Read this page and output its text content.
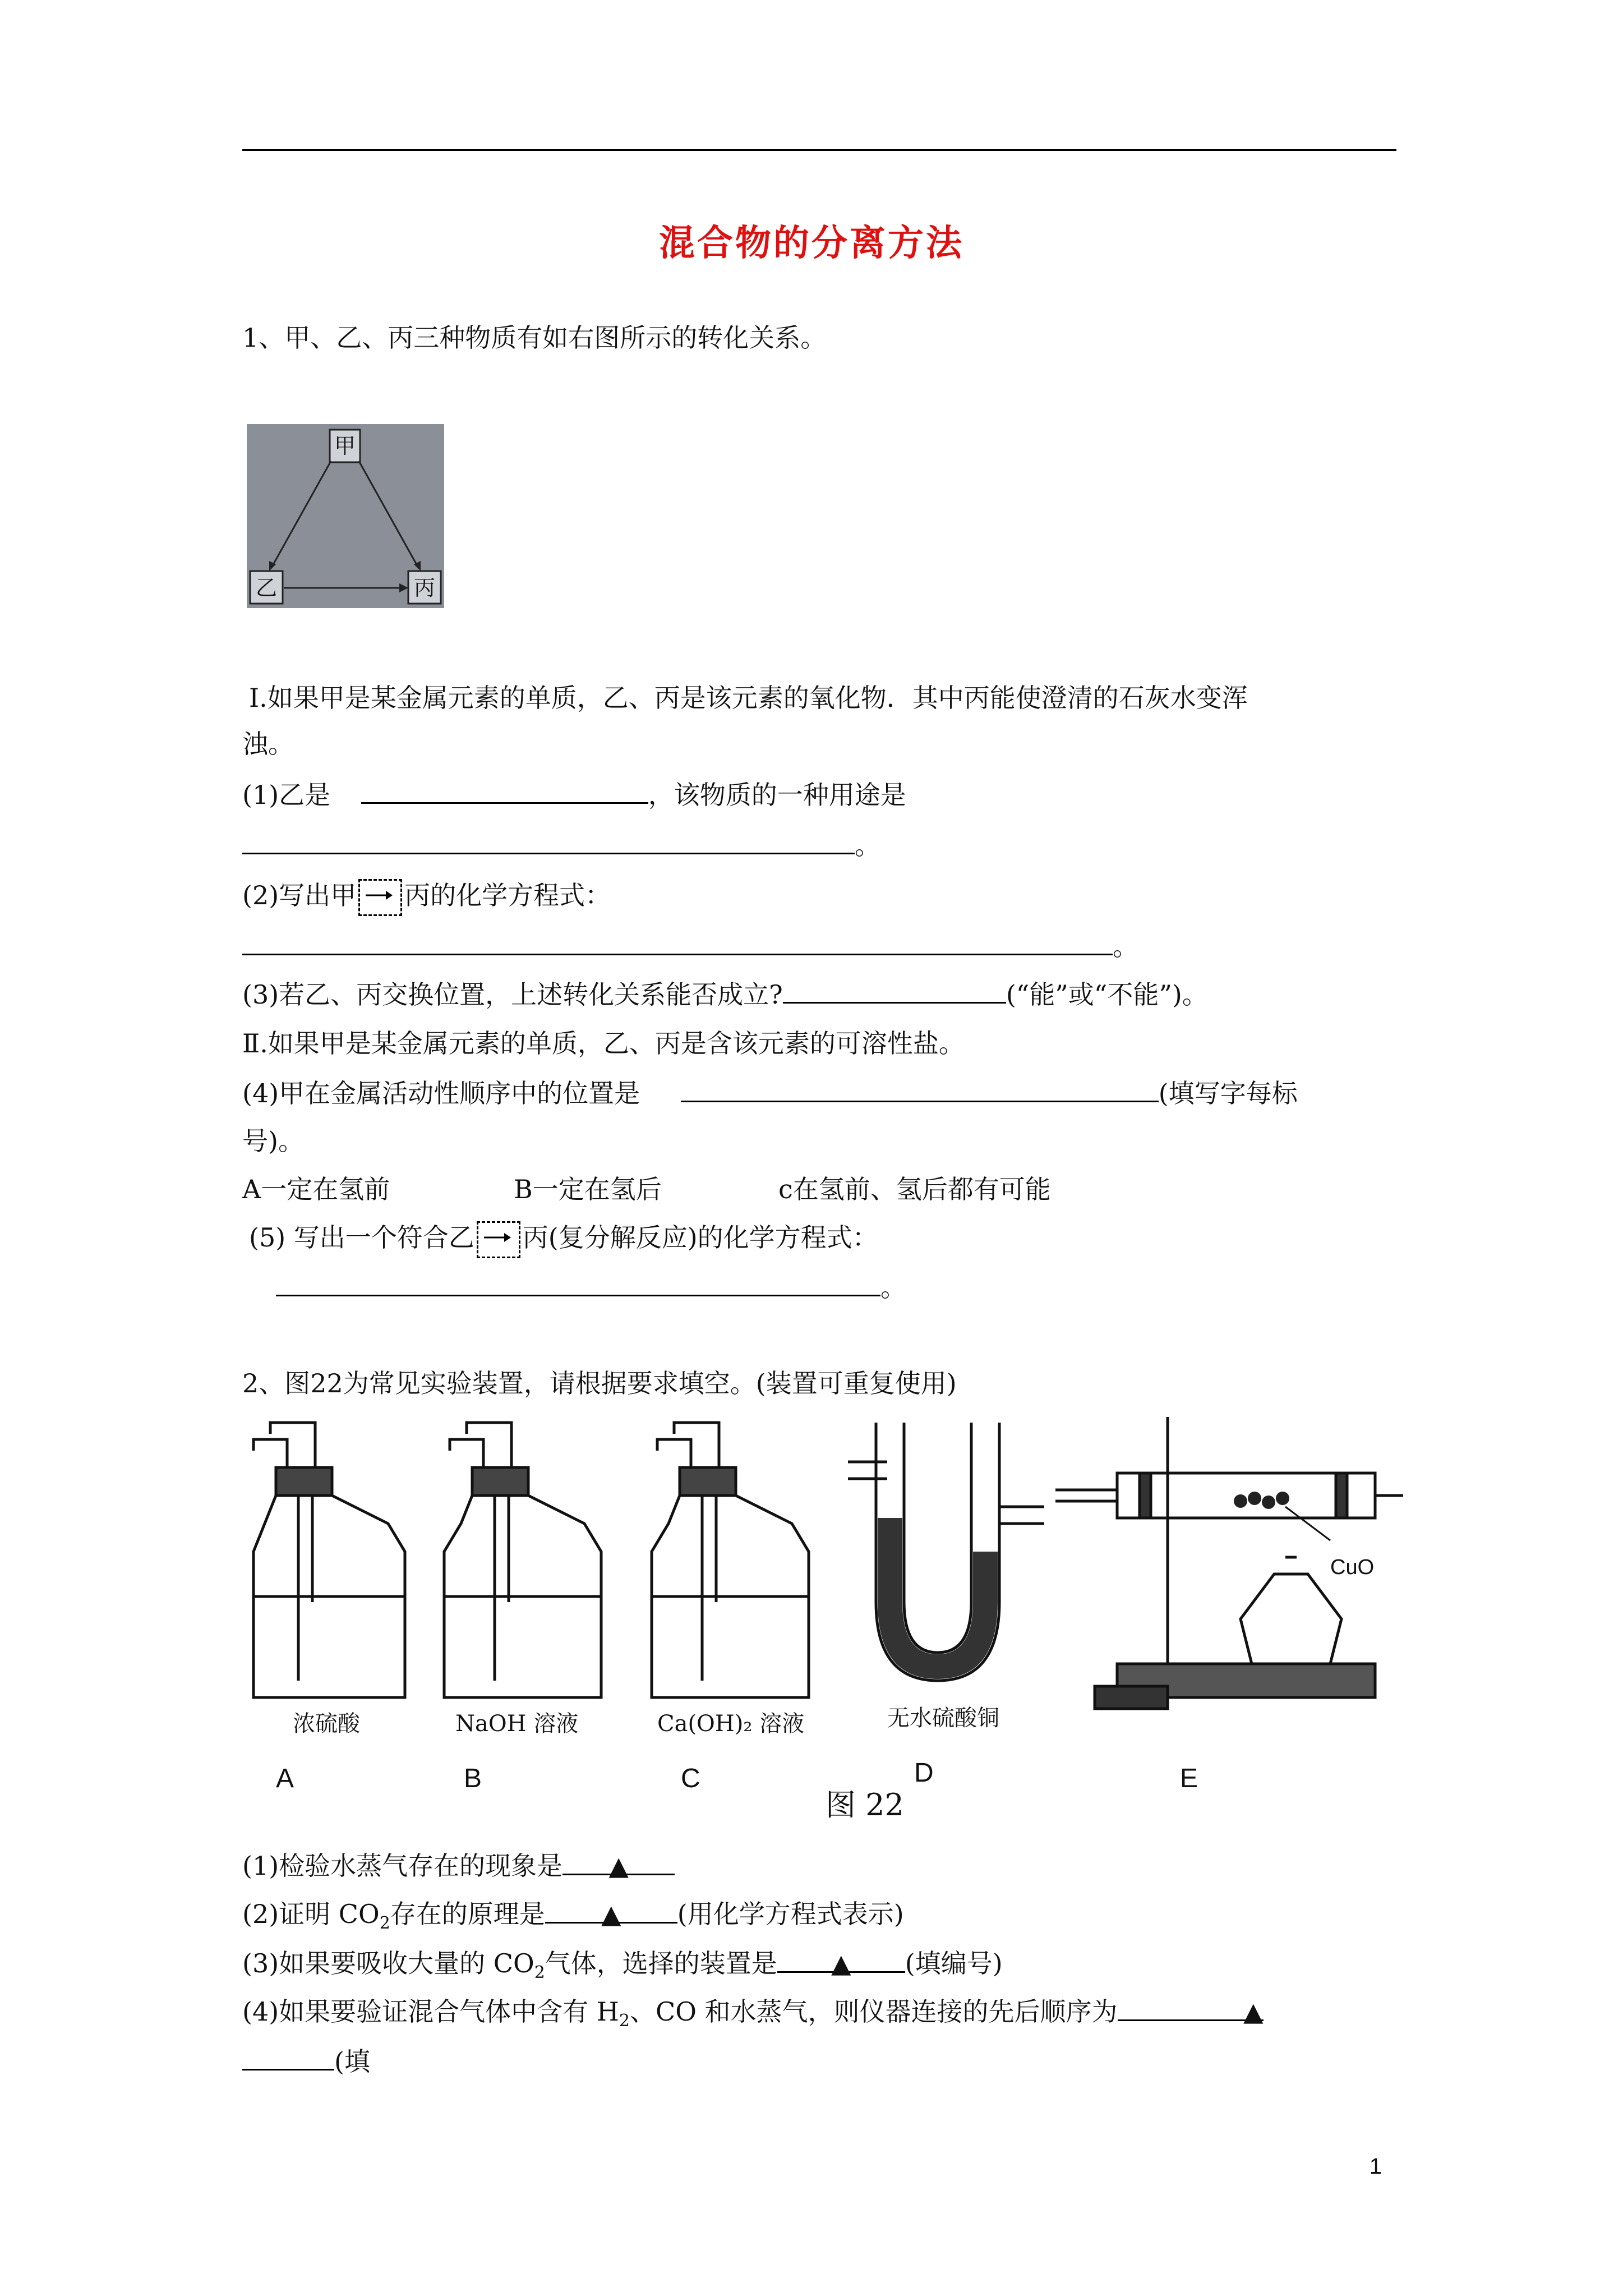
混合物的分离方法
1、甲、乙、丙三种物质有如右图所示的转化关系。
甲
乙	丙
Ⅰ.如果甲是某金属元素的单质，乙、丙是该元素的氧化物．其中丙能使澄清的石灰水变浑
浊。
(1)乙是	，该物质的一种用途是
。
(2)写出甲 丙的化学方程式：
。
(3)若乙、丙交换位置，上述转化关系能否成立?	(“能”或“不能”)。
Ⅱ.如果甲是某金属元素的单质，乙、丙是含该元素的可溶性盐。
(4)甲在金属活动性顺序中的位置是	(填写字每标
号)。
A一定在氢前	B一定在氢后	c在氢前、氢后都有可能
(5) 写出一个符合乙 丙(复分解反应)的化学方程式：
。
2、图22为常见实验装置，请根据要求填空。(装置可重复使用)
浓硫酸
A
NaOH 溶液
B
Ca(OH)₂ 溶液
C
无水硫酸铜
D
CuO
E
图 22
(1)检验水蒸气存在的现象是 ▲
(2)证明 $CO_2$存在的原理是 ▲ (用化学方程式表示)
(3)如果要吸收大量的 $CO_2$气体，选择的装置是 ▲ (填编号)
(4)如果要验证混合气体中含有 $H_2$、CO 和水蒸气，则仪器连接的先后顺序为	▲
(填
1
